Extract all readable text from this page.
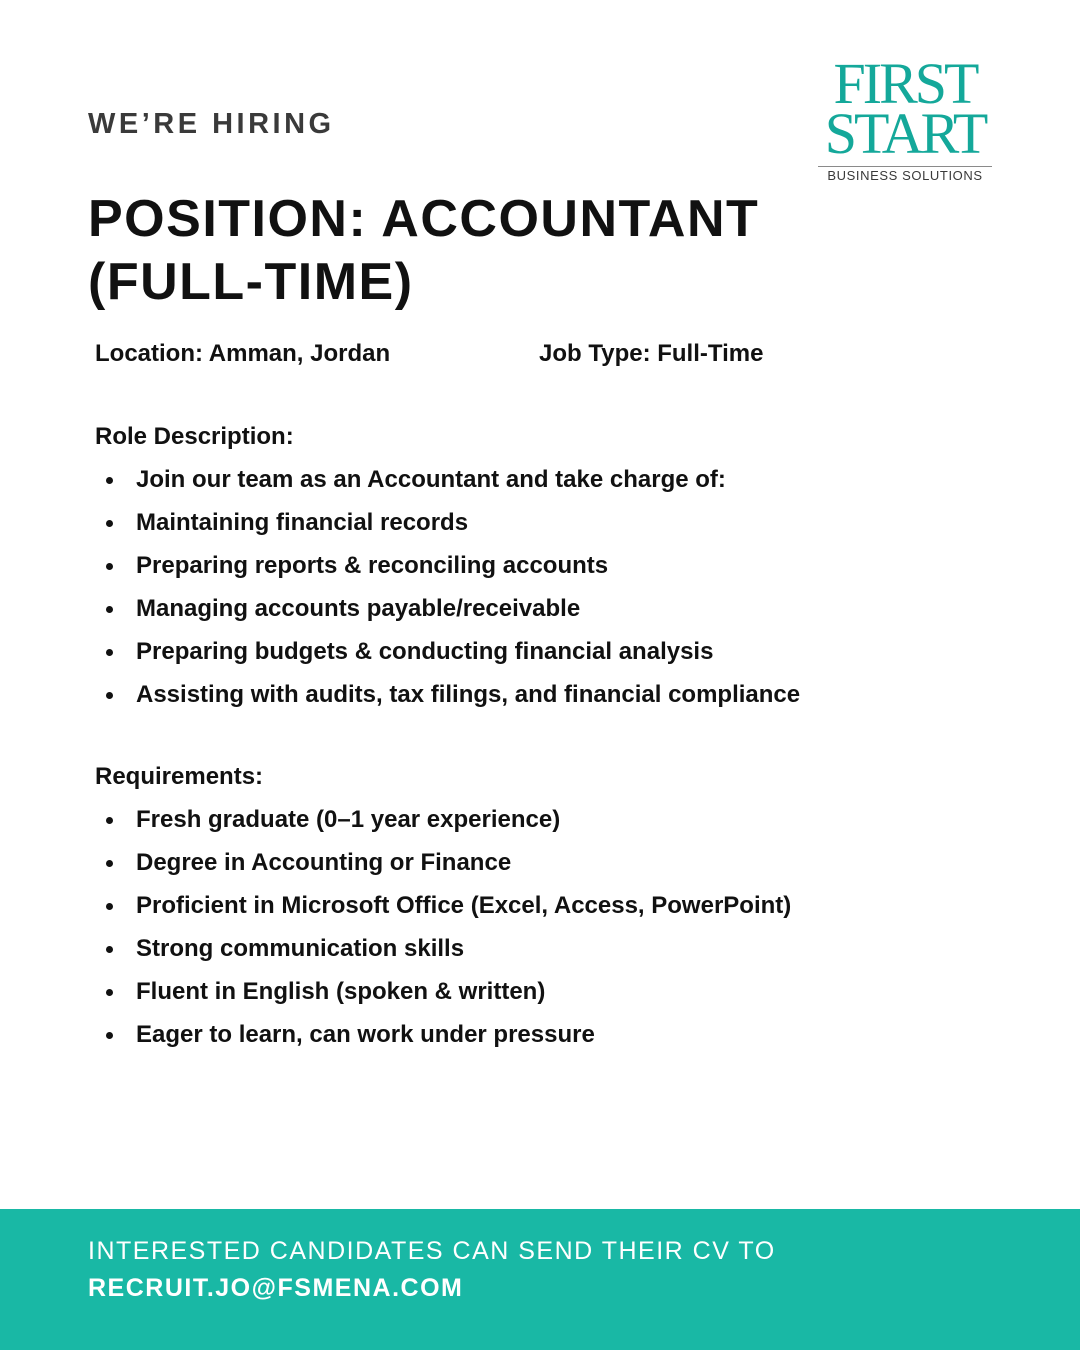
WE’RE HIRING
FIRST
START
BUSINESS SOLUTIONS
POSITION: ACCOUNTANT
(FULL-TIME)
Location: Amman, Jordan	Job Type: Full-Time
Role Description:
Join our team as an Accountant and take charge of:
Maintaining financial records
Preparing reports & reconciling accounts
Managing accounts payable/receivable
Preparing budgets & conducting financial analysis
Assisting with audits, tax filings, and financial compliance
Requirements:
Fresh graduate (0–1 year experience)
Degree in Accounting or Finance
Proficient in Microsoft Office (Excel, Access, PowerPoint)
Strong communication skills
Fluent in English (spoken & written)
Eager to learn, can work under pressure
INTERESTED CANDIDATES CAN SEND THEIR CV TO
RECRUIT.JO@FSMENA.COM
